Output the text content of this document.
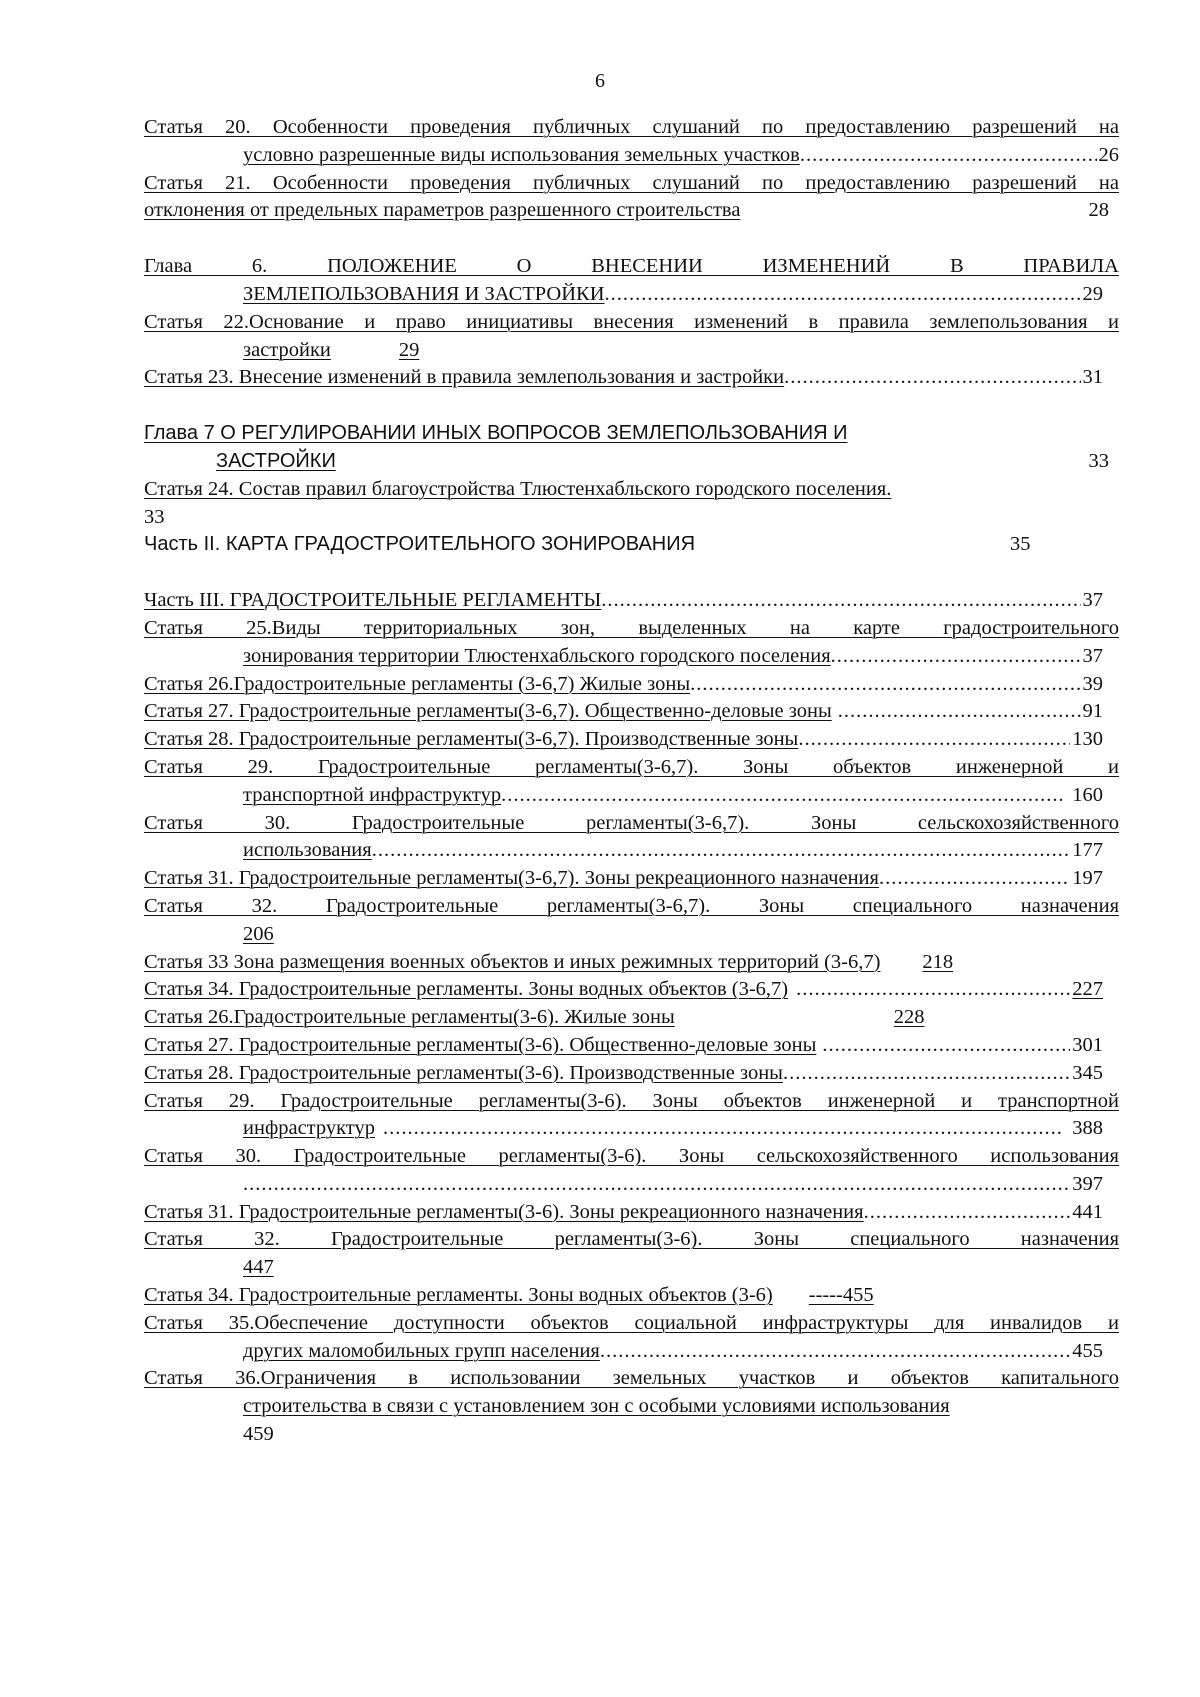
6
Статья 20. Особенности проведения публичных слушаний по предоставлению разрешений на
условно разрешенные виды использования земельных участков .....	26
Статья 21. Особенности проведения публичных слушаний по предоставлению разрешений на
отклонения от предельных параметров разрешенного строительства	28
Глава 6. ПОЛОЖЕНИЕ О ВНЕСЕНИИ ИЗМЕНЕНИЙ В ПРАВИЛА
ЗЕМЛЕПОЛЬЗОВАНИЯ И ЗАСТРОЙКИ .....	29
Статья 22.Основание и право инициативы внесения изменений в правила землепользования и
застройки	29
Статья 23. Внесение изменений в правила землепользования и застройки .....	31
Глава 7 О РЕГУЛИРОВАНИИ ИНЫХ ВОПРОСОВ ЗЕМЛЕПОЛЬЗОВАНИЯ И
ЗАСТРОЙКИ	33
Статья 24. Состав правил благоустройства Тлюстенхабльского городского поселения.
33
Часть II. КАРТА ГРАДОСТРОИТЕЛЬНОГО ЗОНИРОВАНИЯ	35
Часть III. ГРАДОСТРОИТЕЛЬНЫЕ РЕГЛАМЕНТЫ .....	37
Статья 25.Виды территориальных зон, выделенных на карте градостроительного
зонирования территории Тлюстенхабльского городского поселения .....	37
Статья 26.Градостроительные регламенты (3-6,7) Жилые зоны .....	39
Статья 27. Градостроительные регламенты(3-6,7). Общественно-деловые зоны .....	91
Статья 28. Градостроительные регламенты(3-6,7). Производственные зоны .....	130
Статья 29. Градостроительные регламенты(3-6,7). Зоны объектов инженерной и
транспортной инфраструктур .....	160
Статья 30. Градостроительные регламенты(3-6,7). Зоны сельскохозяйственного
использования .....	177
Статья 31. Градостроительные регламенты(3-6,7). Зоны рекреационного назначения .....	197
Статья 32. Градостроительные регламенты(3-6,7). Зоны специального назначения
206
Статья 33 Зона размещения военных объектов и иных режимных территорий (3-6,7) 218
Статья 34. Градостроительные регламенты. Зоны водных объектов (3-6,7) .....	227
Статья 26.Градостроительные регламенты(3-6). Жилые зоны	228
Статья 27. Градостроительные регламенты(3-6). Общественно-деловые зоны .....	301
Статья 28. Градостроительные регламенты(3-6). Производственные зоны .....	345
Статья 29. Градостроительные регламенты(3-6). Зоны объектов инженерной и транспортной
инфраструктур .....	388
Статья 30. Градостроительные регламенты(3-6). Зоны сельскохозяйственного использования
.....
397
Статья 31. Градостроительные регламенты(3-6). Зоны рекреационного назначения .....	441
Статья 32. Градостроительные регламенты(3-6). Зоны специального назначения
447
Статья 34. Градостроительные регламенты. Зоны водных объектов (3-6) -----455
Статья 35.Обеспечение доступности объектов социальной инфраструктуры для инвалидов и
других маломобильных групп населения .....	455
Статья 36.Ограничения в использовании земельных участков и объектов капитального
строительства в связи с установлением зон с особыми условиями использования
459
